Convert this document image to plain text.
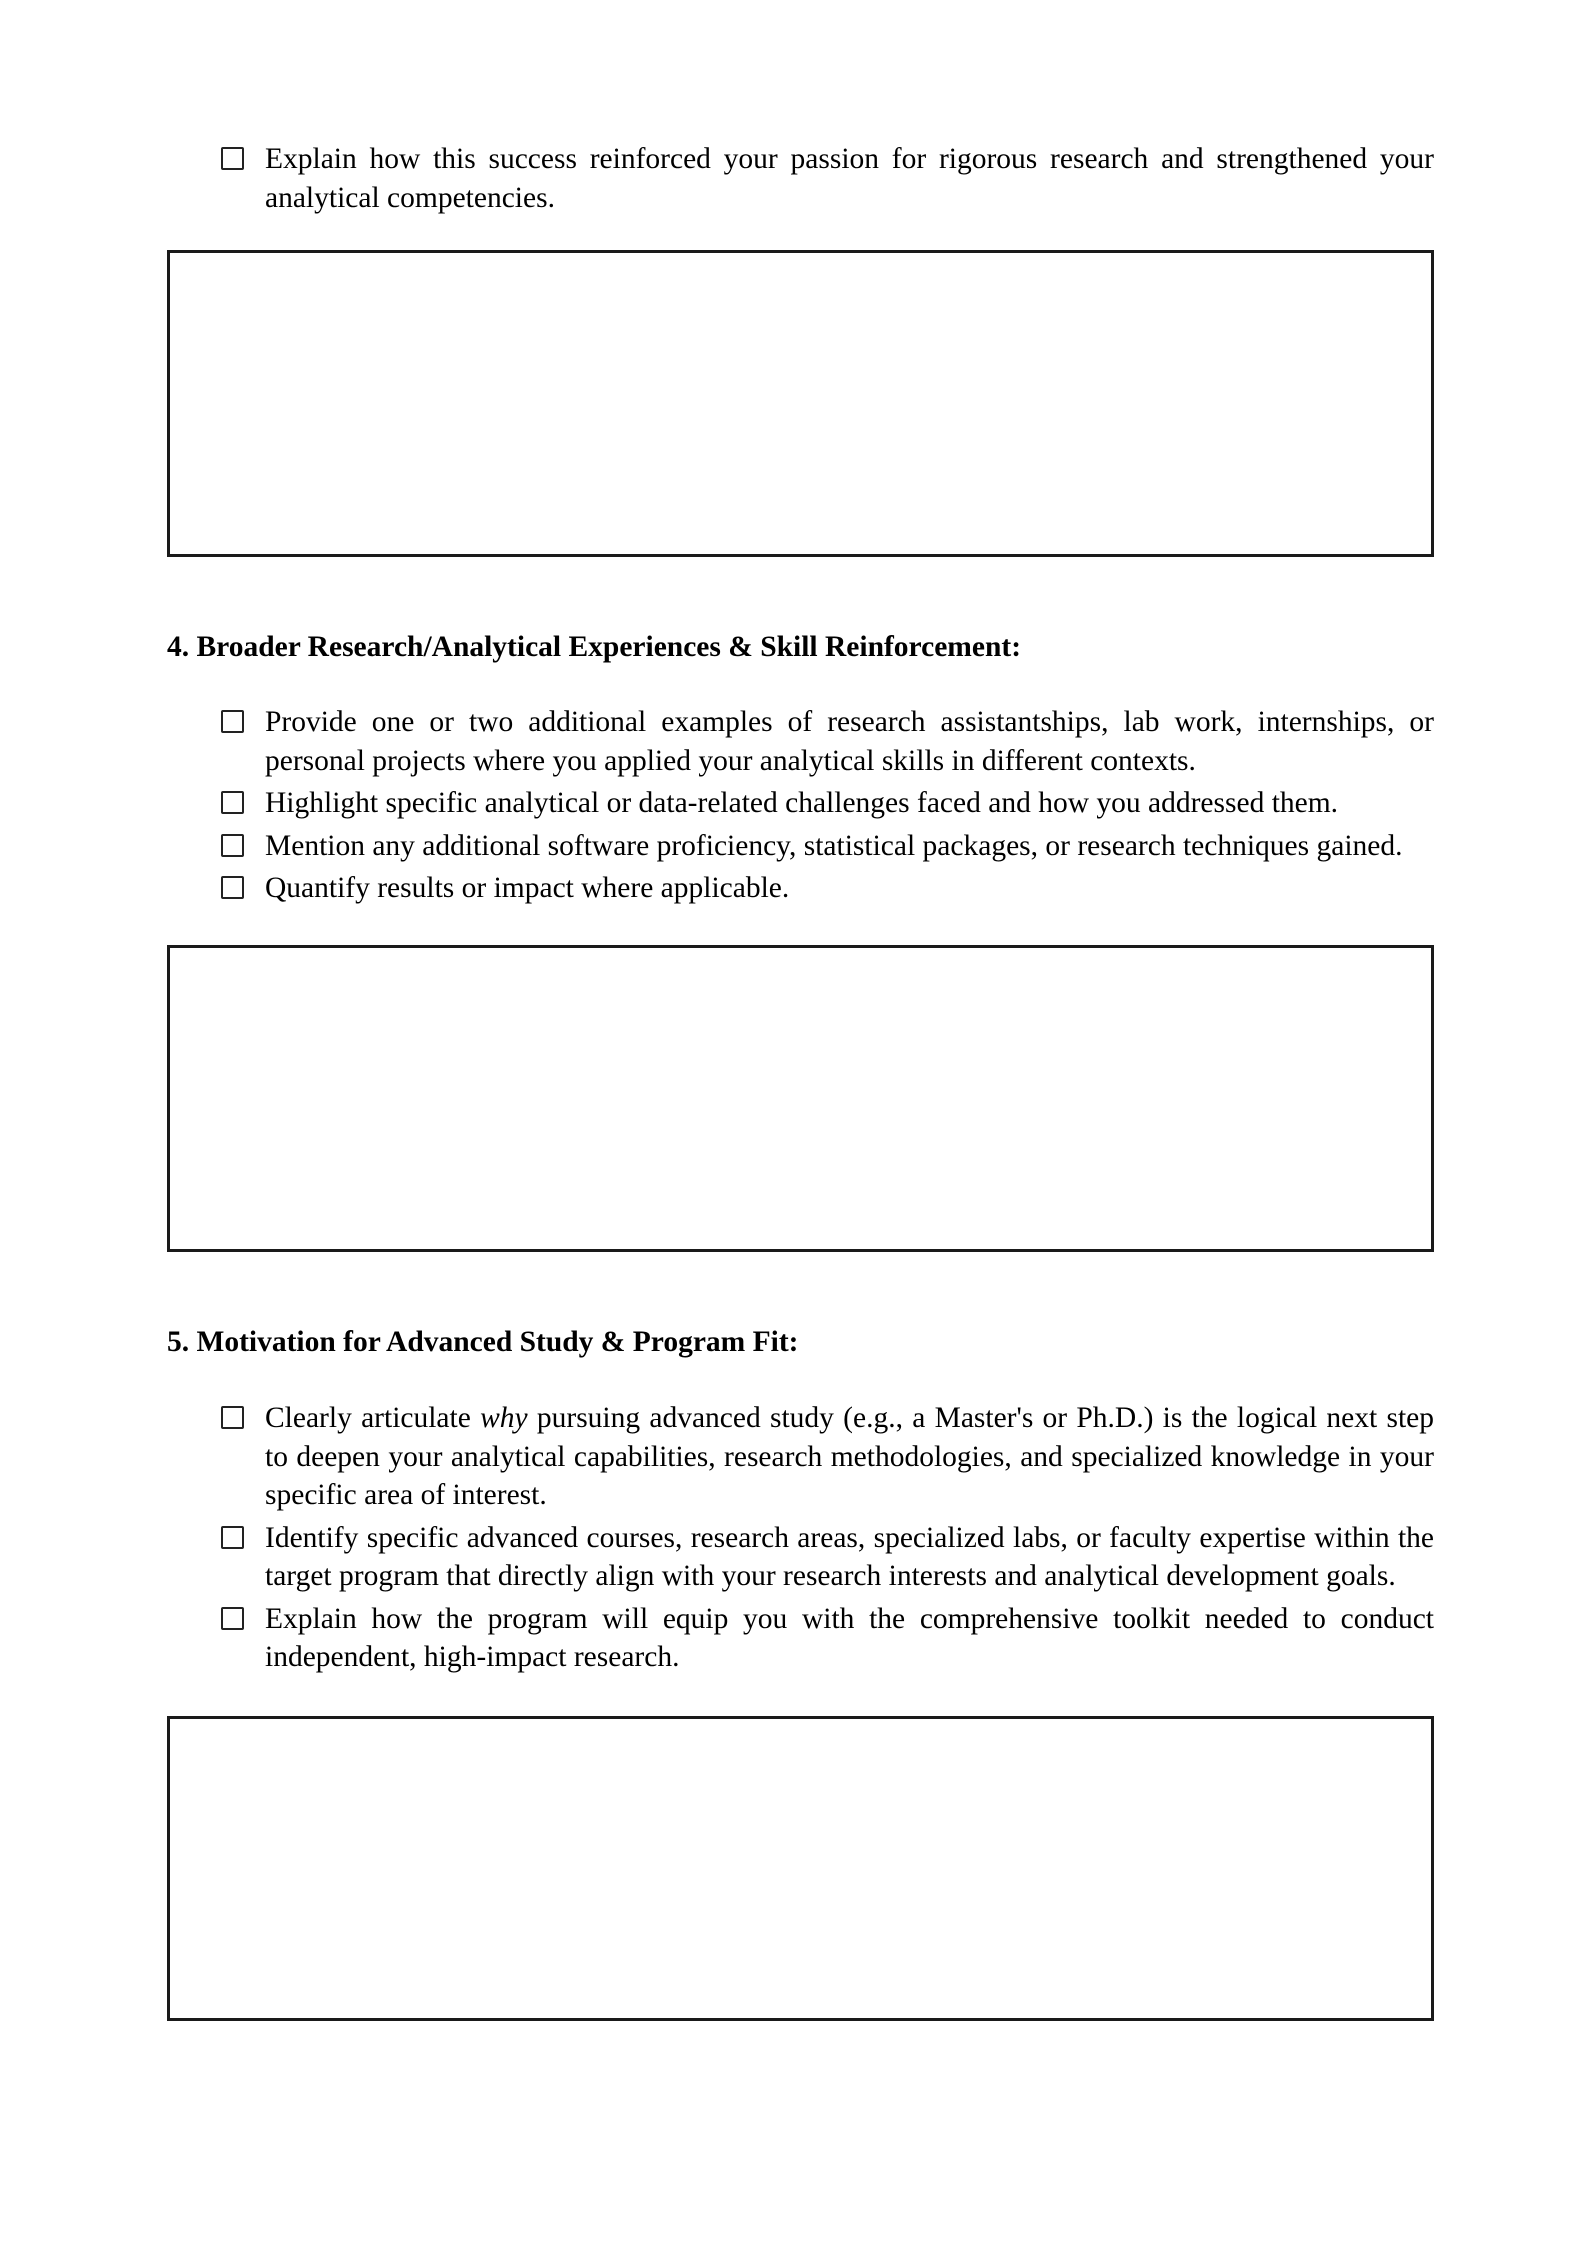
Explain how this success reinforced your passion for rigorous research and strengthened your analytical competencies.
4. Broader Research/Analytical Experiences & Skill Reinforcement:
Provide one or two additional examples of research assistantships, lab work, internships, or personal projects where you applied your analytical skills in different contexts.
Highlight specific analytical or data-related challenges faced and how you addressed them.
Mention any additional software proficiency, statistical packages, or research techniques gained.
Quantify results or impact where applicable.
5. Motivation for Advanced Study & Program Fit:
Clearly articulate why pursuing advanced study (e.g., a Master's or Ph.D.) is the logical next step to deepen your analytical capabilities, research methodologies, and specialized knowledge in your specific area of interest.
Identify specific advanced courses, research areas, specialized labs, or faculty expertise within the target program that directly align with your research interests and analytical development goals.
Explain how the program will equip you with the comprehensive toolkit needed to conduct independent, high-impact research.
